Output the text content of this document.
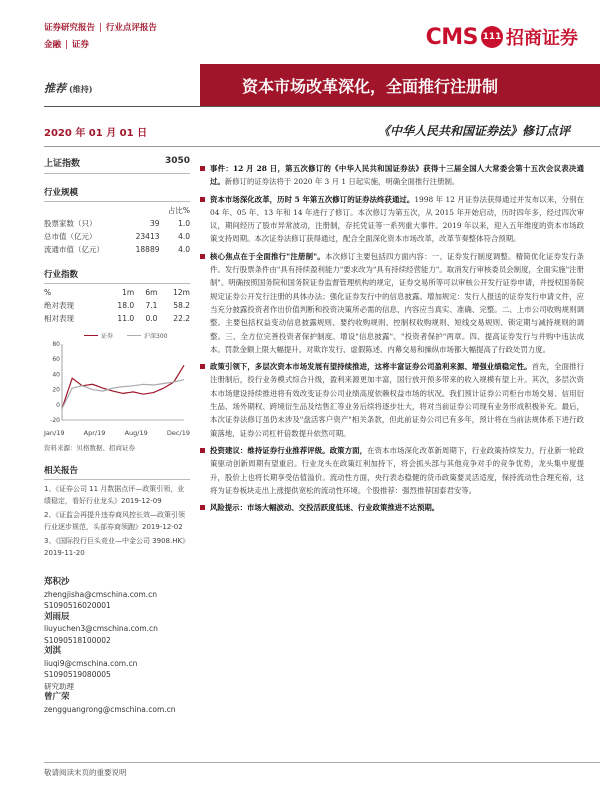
证券研究报告 | 行业点评报告
金融 | 证券	CMS 111 招商证券
推荐 (维持)	资本市场改革深化，全面推行注册制
2020 年 01 月 01 日	《中华人民共和国证券法》修订点评
上证指数	3050
行业规模
		占比%
股票家数（只）	39	1.0
总市值（亿元）	23413	4.0
流通市值（亿元）	18889	4.0
行业指数
%	1m	6m	12m
绝对表现	18.0	7.1	58.2
相对表现	11.0	0.0	22.2
证券	沪深300
80
60
40
20
0
-20
Jan/19	Apr/19	Aug/19	Dec/19
资料来源：贝格数据、招商证券
相关报告
1、《证券公司 11 月数据点评—政策引领，业绩稳定，看好行业龙头》2019-12-09
2、《证监会再提升违券商风控长效—政策引领行业逐步规范，头部券商领跑》2019-12-02
3、《国际投行巨头竞业—中金公司 3908.HK》2019-11-20
郑积沙
zhengjisha@cmschina.com.cn
S1090516020001
刘雨辰
liuyuchen3@cmschina.com.cn
S1090518100002
刘淇
liuqi9@cmschina.com.cn
S1090519080005
研究助理
曾广荣
zengguangrong@cmschina.com.cn
事件：12 月 28 日，第五次修订的《中华人民共和国证券法》获得十三届全国人大常委会第十五次会议表决通过。新修订的证券法将于 2020 年 3 月 1 日起实施，明确全面推行注册制。
资本市场深化改革，历时 5 年第五次修订的证券法终获通过。1998 年 12 月证券法获得通过并发布以来，分别在 04 年、05 年、13 年和 14 年进行了修订。本次修订为第五次，从 2015 年开始启动，历时四年多，经过四次审议，期间经历了股市异常波动，注册制，存托凭证等一系列重大事件。2019 年以来，迎入五年维度的资本市场政策支持周期。本次证券法修订获得通过，配合全面深化资本市场改革，改革节奏整体符合预期。
核心焦点在于全面推行"注册制"。本次修订主要包括四方面内容：一、证券发行制度调整。精简优化证券发行条件。发行股票条件由"具有持续盈利能力"要求改为"具有持续经营能力"。取消发行审核委员会制度，全面实施"注册制"。明确按照国务院和国务院证券监督管理机构的规定，证券交易所等可以审核公开发行证券申请，并授权国务院规定证券公开发行注册的具体办法；强化证券发行中的信息披露。增加规定：发行人报送的证券发行申请文件，应当充分披露投资者作出价值判断和投资决策所必需的信息，内容应当真实、准确、完整。二、上市公司收购规则调整。主要包括权益变动信息披露规则、要约收购规则、控制权收购规则、短线交易规则、锁定期与减持规则的调整。三、全方位完善投资者保护制度。增设"信息披露"、"投资者保护"两章。四、提高证券发行与并购中违法成本。罚款金额上限大幅提升。对欺诈发行、虚假陈述、内幕交易和操纵市场都大幅提高了行政处罚力度。
政策引领下，多层次资本市场发展有望持续推进，这将丰富证券公司盈利来源、增强业绩稳定性。首先，全面推行注册制后，投行业务模式综合升级，盈利来源更加丰富，国行放开预多带来的收入规模有望上升。其次，多层次资本市场建设持续推进将有效改变证券公司业绩高度依赖权益市场的状况。我们预计证券公司柜台市场交易、信用衍生品、场外期权、跨境衍生品及结售汇等业务后续将逐步壮大，将对当前证券公司现有业务形成积极补充。最后，本次证券法修订虽仍未涉及"盘活客户资产"相关条款，但此前证券公司已有多年，预计将在当前法规体系下进行政策落地，证券公司杠杆倍数提升依然可期。
投资建议：维持证券行业推荐评级。政策方面，在资本市场深化改革新周期下，行业政策持续发力，行业新一轮政策驱动创新周期有望重启。行业龙头在政策红利加持下，将会抓头部与其他竞争对手的竞争优势，龙头集中度提升，股价上也将长期享受估值溢价。流动性方面，央行表态稳健的货币政策要灵活适度，保持流动性合理充裕，这将为证券板块走出上涨提供宽松的流动性环境。个股推荐：强烈推荐国泰君安等。
风险提示：市场大幅波动、交投活跃度低迷、行业政策推进不达预期。
敬请阅读末页的重要说明
